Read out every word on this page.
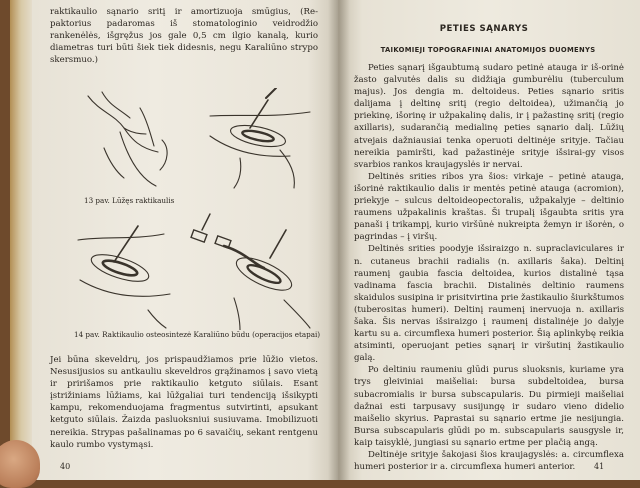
raktikaulio sąnario sritį ir amortizuoja smūgius, (Re-paktorius padaromas iš stomatologinio veidrodžio rankenėlės, išgręžus jos gale 0,5 cm ilgio kanalą, kurio diametras turi būti šiek tiek didesnis, negu Karaliūno strypo skersmuo.)

13 pav. Lūžęs raktikaulis

14 pav. Raktikaulio osteosintezė Karaliūno būdu (operacijos etapai)

Jei būna skeveldrų, jos prispaudžiamos prie lūžio vietos. Nesusijusios su antkauliu skeveldros grąžinamos į savo vietą ir pririšamos prie raktikaulio ketguto siūlais. Esant įstrižiniams lūžiams, kai lūžgaliai turi tendenciją išsikypti kampu, rekomenduojama fragmentus sutvirtinti, apsukant ketguto siūlais. Žaizda pasluoksniui susiuvama. Imobilizuoti nereikia. Strypas pašalinamas po 6 savaičių, sekant rentgenu kaulo rumbo vystymąsi.

40
PETIES SĄNARYS
TAIKOMIEJI TOPOGRAFINIAI ANATOMIJOS DUOMENYS

Peties sąnarį išgaubtumą sudaro petinė atauga ir iš-orinė žasto galvutės dalis su didžiąja gumburėliu (tuberculum majus). Jos dengia m. deltoideus. Peties sąnario sritis dalijama į deltinę sritį (regio deltoidea), užimančią jo priekinę, išorinę ir užpakalinę dalis, ir į pažastinę sritį (regio axillaris), sudarančią medialinę peties sąnario dalį. Lūžių atvejais dažniausiai tenka operuoti deltinėje srityje. Tačiau nereikia pamiršti, kad pažastinėje srityje išsirai-gy visos svarbios rankos kraujagyslės ir nervai.

Deltinės srities ribos yra šios: virkaje – petinė atauga, išorinė raktikaulio dalis ir mentės petinė atauga (acromion), priekyje – sulcus deltoideopectoralis, užpakalyje – deltinio raumens užpakalinis kraštas. Ši trupalį išgaubta sritis yra panaši į trikampį, kurio viršūnė nukreipta žemyn ir išorėn, o pagrindas – į viršų.

Deltinės srities poodyje išsiraizgo n. supraclaviculares ir n. cutaneus brachii radialis (n. axillaris šaka). Deltinį raumenį gaubia fascia deltoidea, kurios distalinė tąsa vadinama fascia brachii. Distalinės deltinio raumens skaidulos susipina ir prisitvirtina prie žastikaulio šiurkštumos (tuberositas humeri). Deltinį raumenį inervuoja n. axillaris šaka. Šis nervas išsiraizgo į raumenį distalinėje jo dalyje kartu su a. circumflexa humeri posterior. Šią aplinkybę reikia atsiminti, operuojant peties sąnarį ir viršutinį žastikaulio galą.

Po deltiniu raumeniu glūdi purus sluoksnis, kuriame yra trys gleiviniai maišeliai: bursa subdeltoidea, bursa subacromialis ir bursa subscapularis. Du pirmieji maišeliai dažnai esti tarpusavy susijungę ir sudaro vieno didelio maišelio skyrius. Paprastai su sąnario ertme jie nesijungia. Bursa subscapularis glūdi po m. subscapularis sausgysle ir, kaip taisyklė, jungiasi su sąnario ertme per plačią angą.

Deltinėje srityje šakojasi šios kraujagyslės: a. circumflexa humeri posterior ir a. circumflexa humeri anterior.	41
